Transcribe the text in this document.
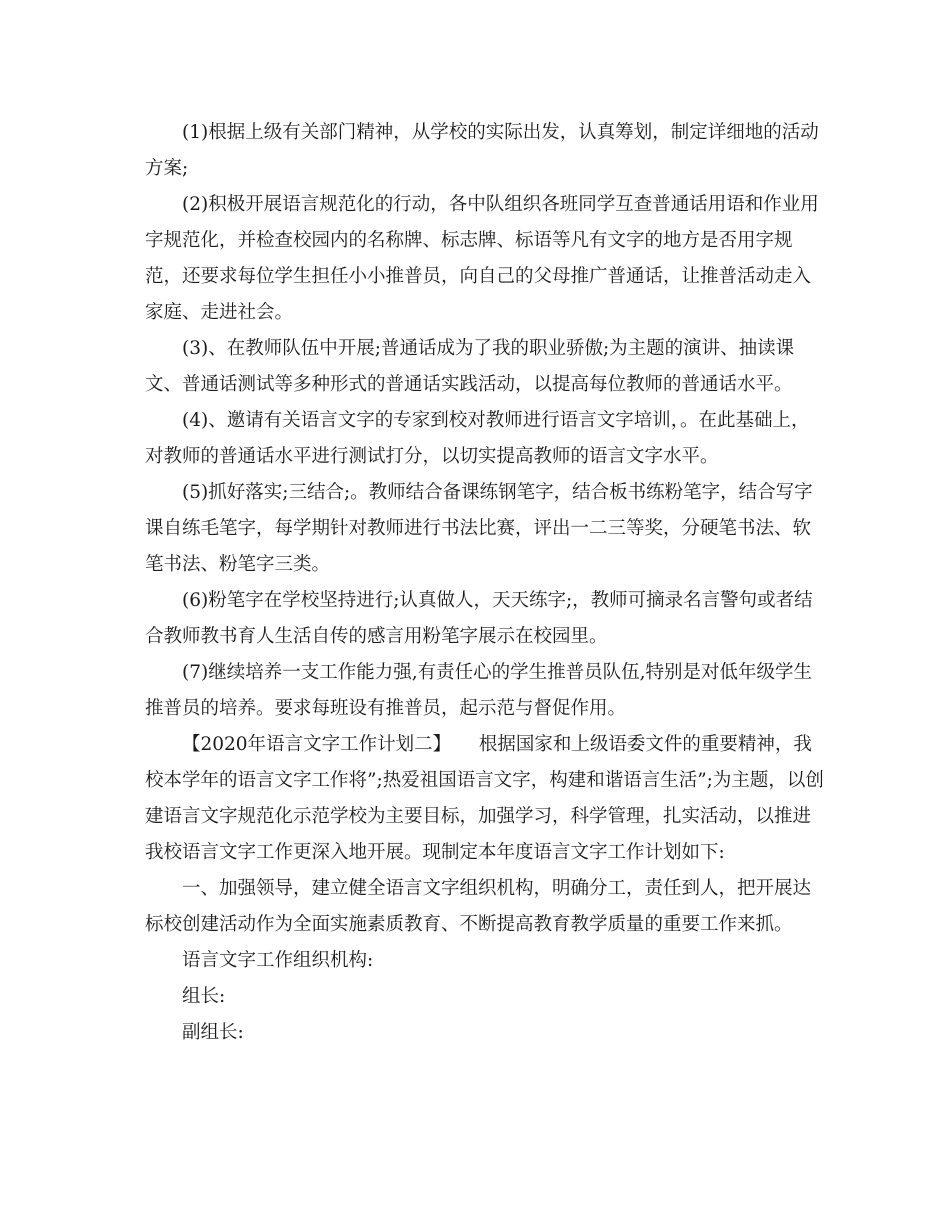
(1)根据上级有关部门精神，从学校的实际出发，认真筹划，制定详细地的活动方案;

(2)积极开展语言规范化的行动，各中队组织各班同学互查普通话用语和作业用字规范化，并检查校园内的名称牌、标志牌、标语等凡有文字的地方是否用字规范，还要求每位学生担任小小推普员，向自己的父母推广普通话，让推普活动走入家庭、走进社会。

(3)、在教师队伍中开展;普通话成为了我的职业骄傲;为主题的演讲、抽读课文、普通话测试等多种形式的普通话实践活动，以提高每位教师的普通话水平。

(4)、邀请有关语言文字的专家到校对教师进行语言文字培训，。在此基础上，对教师的普通话水平进行测试打分，以切实提高教师的语言文字水平。

(5)抓好落实;三结合;。教师结合备课练钢笔字，结合板书练粉笔字，结合写字课自练毛笔字，每学期针对教师进行书法比赛，评出一二三等奖，分硬笔书法、软笔书法、粉笔字三类。

(6)粉笔字在学校坚持进行;认真做人，天天练字;，教师可摘录名言警句或者结合教师教书育人生活自传的感言用粉笔字展示在校园里。

(7)继续培养一支工作能力强,有责任心的学生推普员队伍,特别是对低年级学生推普员的培养。要求每班设有推普员，起示范与督促作用。

【2020年语言文字工作计划二】　　根据国家和上级语委文件的重要精神，我校本学年的语言文字工作将”;热爱祖国语言文字，构建和谐语言生活”;为主题，以创建语言文字规范化示范学校为主要目标，加强学习，科学管理，扎实活动，以推进我校语言文字工作更深入地开展。现制定本年度语言文字工作计划如下:

一、加强领导，建立健全语言文字组织机构，明确分工，责任到人，把开展达标校创建活动作为全面实施素质教育、不断提高教育教学质量的重要工作来抓。

语言文字工作组织机构:

组长:

副组长:
